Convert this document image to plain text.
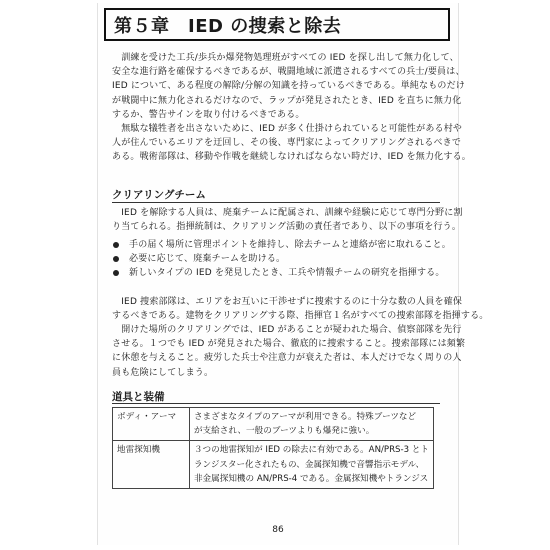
第５章　IED の捜索と除去

　訓練を受けた工兵/歩兵か爆発物処理班がすべての IED を探し出して無力化して、
安全な進行路を確保するべきであるが、戦闘地域に派遣されるすべての兵士/要員は、
IED について、ある程度の解除/分解の知識を持っているべきである。単純なものだけ
が戦闘中に無力化されるだけなので、ラップが発見されたとき、IED を直ちに無力化
するか、警告サインを取り付けるべきである。

　無駄な犠牲者を出さないために、IED が多く仕掛けられていると可能性がある村や
人が住んでいるエリアを迂回し、その後、専門家によってクリアリングされるべきで
ある。戦術部隊は、移動や作戦を継続しなければならない時だけ、IED を無力化する。

クリアリングチーム

　IED を解除する人員は、廃棄チームに配属され、訓練や経験に応じて専門分野に割
り当てられる。指揮統制は、クリアリング活動の責任者であり、以下の事項を行う。

手の届く場所に管理ポイントを維持し、除去チームと連絡が密に取れること。
必要に応じて、廃棄チームを助ける。
新しいタイプの IED を発見したとき、工兵や情報チームの研究を指揮する。

　IED 捜索部隊は、エリアをお互いに干渉せずに捜索するのに十分な数の人員を確保
するべきである。建物をクリアリングする際、指揮官１名がすべての捜索部隊を指揮する。

　開けた場所のクリアリングでは、IED があることが疑われた場合、偵察部隊を先行
させる。１つでも IED が発見された場合、徹底的に捜索すること。捜索部隊には頻繁
に休憩を与えること。疲労した兵士や注意力が衰えた者は、本人だけでなく周りの人
員も危険にしてしまう。

道具と装備
ボディ・アーマ	さまざまなタイプのアーマが利用できる。特殊ブーツなど
が支給され、一般のブーツよりも爆発に強い。

地雷探知機	３つの地雷探知が IED の除去に有効である。AN/PRS-3 とト
ランジスター化されたもの、金属探知機で音響指示モデル、
非金属探知機の AN/PRS-4 である。金属探知機やトランジス
86
